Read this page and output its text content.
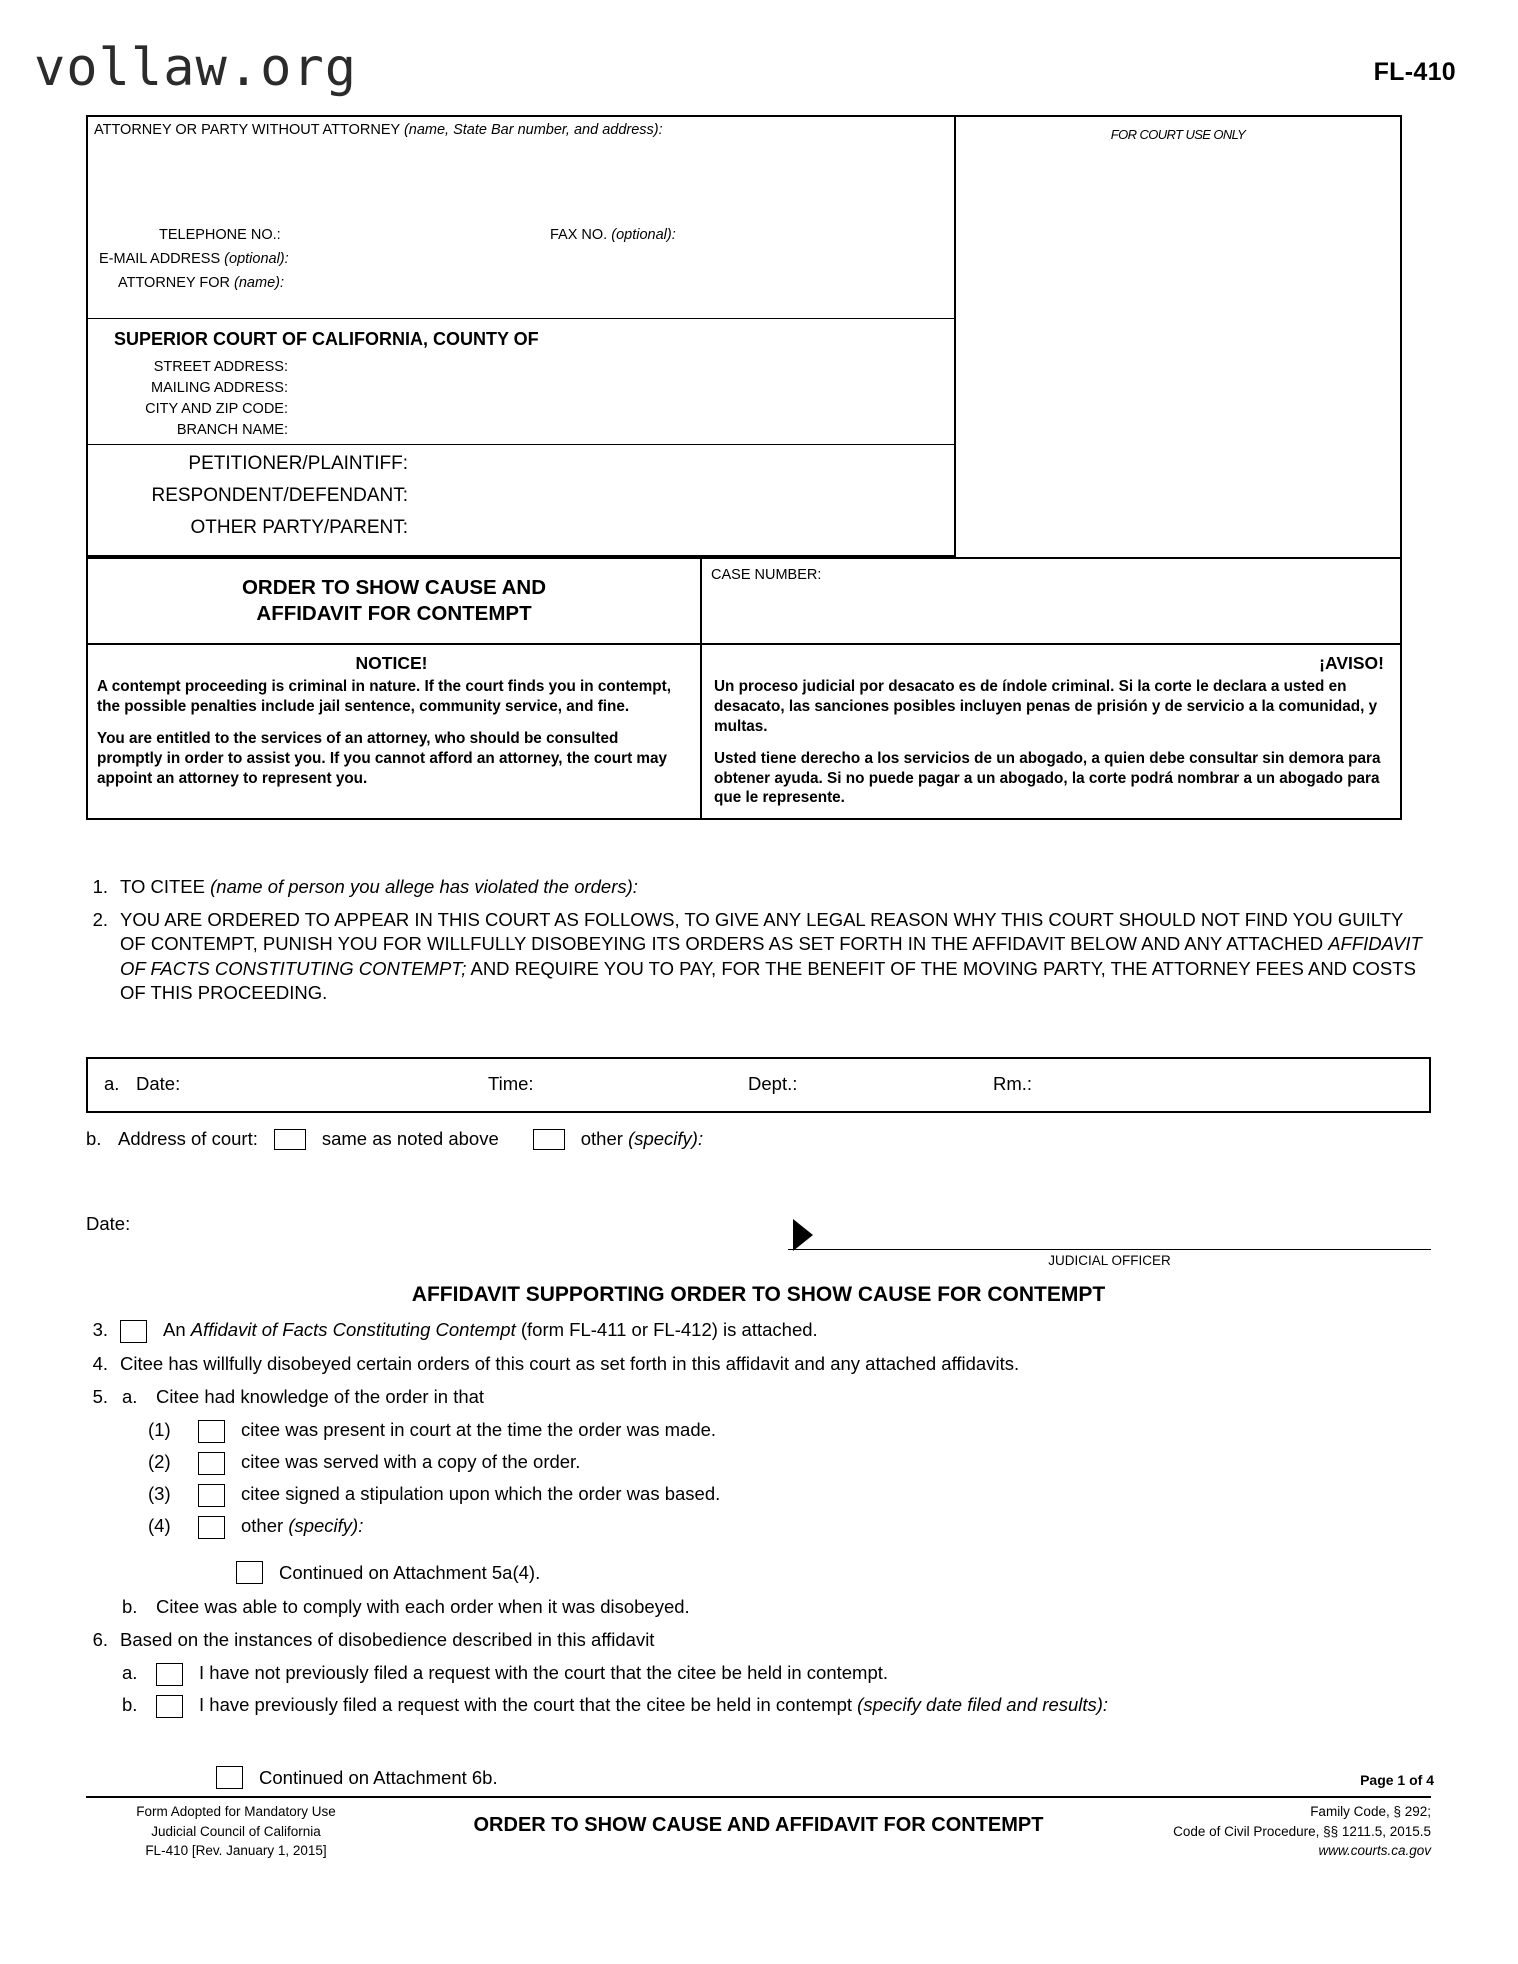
vollaw.org	FL-410
ATTORNEY OR PARTY WITHOUT ATTORNEY (name, State Bar number, and address):
TELEPHONE NO.:	FAX NO. (optional):
E-MAIL ADDRESS (optional):
ATTORNEY FOR (name):
SUPERIOR COURT OF CALIFORNIA, COUNTY OF
STREET ADDRESS:
MAILING ADDRESS:
CITY AND ZIP CODE:
BRANCH NAME:
PETITIONER/PLAINTIFF:
RESPONDENT/DEFENDANT:
OTHER PARTY/PARENT:
FOR COURT USE ONLY
ORDER TO SHOW CAUSE AND
AFFIDAVIT FOR CONTEMPT
CASE NUMBER:
NOTICE!

A contempt proceeding is criminal in nature. If the court finds you in contempt, the possible penalties include jail sentence, community service, and fine.

You are entitled to the services of an attorney, who should be consulted promptly in order to assist you. If you cannot afford an attorney, the court may appoint an attorney to represent you.

¡AVISO!

Un proceso judicial por desacato es de índole criminal. Si la corte le declara a usted en desacato, las sanciones posibles incluyen penas de prisión y de servicio a la comunidad, y multas.

Usted tiene derecho a los servicios de un abogado, a quien debe consultar sin demora para obtener ayuda. Si no puede pagar a un abogado, la corte podrá nombrar a un abogado para que le represente.

1. TO CITEE (name of person you allege has violated the orders):
2. YOU ARE ORDERED TO APPEAR IN THIS COURT AS FOLLOWS, TO GIVE ANY LEGAL REASON WHY THIS COURT SHOULD NOT FIND YOU GUILTY OF CONTEMPT, PUNISH YOU FOR WILLFULLY DISOBEYING ITS ORDERS AS SET FORTH IN THE AFFIDAVIT BELOW AND ANY ATTACHED AFFIDAVIT OF FACTS CONSTITUTING CONTEMPT; AND REQUIRE YOU TO PAY, FOR THE BENEFIT OF THE MOVING PARTY, THE ATTORNEY FEES AND COSTS OF THIS PROCEEDING.
a. Date:	Time:	Dept.:	Rm.:
b. Address of court:	same as noted above	other (specify):
Date:
JUDICIAL OFFICER
AFFIDAVIT SUPPORTING ORDER TO SHOW CAUSE FOR CONTEMPT
3.	An Affidavit of Facts Constituting Contempt (form FL-411 or FL-412) is attached.
4. Citee has willfully disobeyed certain orders of this court as set forth in this affidavit and any attached affidavits.
5. a.	Citee had knowledge of the order in that
(1)	citee was present in court at the time the order was made.
(2)	citee was served with a copy of the order.
(3)	citee signed a stipulation upon which the order was based.
(4)	other (specify):
Continued on Attachment 5a(4).
b.	Citee was able to comply with each order when it was disobeyed.
6. Based on the instances of disobedience described in this affidavit
a.	I have not previously filed a request with the court that the citee be held in contempt.
b.	I have previously filed a request with the court that the citee be held in contempt (specify date filed and results):
Continued on Attachment 6b.	Page 1 of 4
Form Adopted for Mandatory Use
Judicial Council of California
FL-410 [Rev. January 1, 2015]
ORDER TO SHOW CAUSE AND AFFIDAVIT FOR CONTEMPT
Family Code, § 292;
Code of Civil Procedure, §§ 1211.5, 2015.5
www.courts.ca.gov
